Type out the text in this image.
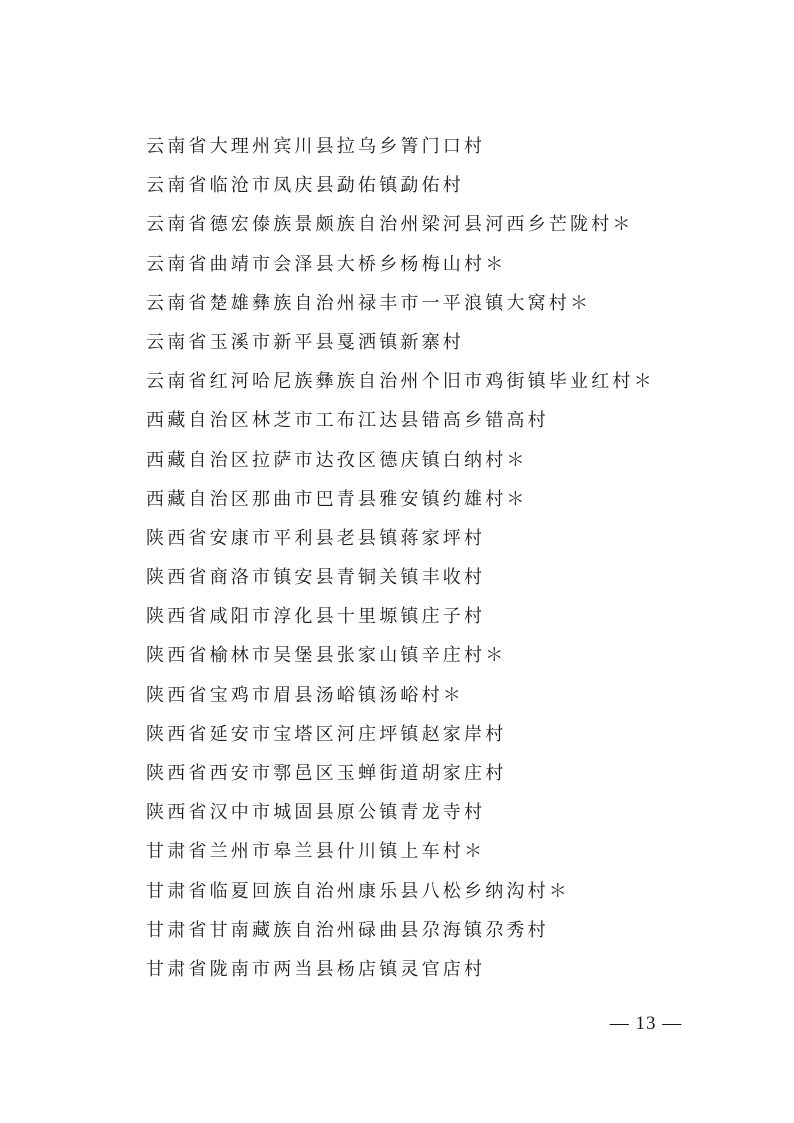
云南省大理州宾川县拉乌乡箐门口村
云南省临沧市凤庆县勐佑镇勐佑村
云南省德宏傣族景颇族自治州梁河县河西乡芒陇村＊
云南省曲靖市会泽县大桥乡杨梅山村＊
云南省楚雄彝族自治州禄丰市一平浪镇大窝村＊
云南省玉溪市新平县戛洒镇新寨村
云南省红河哈尼族彝族自治州个旧市鸡街镇毕业红村＊
西藏自治区林芝市工布江达县错高乡错高村
西藏自治区拉萨市达孜区德庆镇白纳村＊
西藏自治区那曲市巴青县雅安镇约雄村＊
陕西省安康市平利县老县镇蒋家坪村
陕西省商洛市镇安县青铜关镇丰收村
陕西省咸阳市淳化县十里塬镇庄子村
陕西省榆林市吴堡县张家山镇辛庄村＊
陕西省宝鸡市眉县汤峪镇汤峪村＊
陕西省延安市宝塔区河庄坪镇赵家岸村
陕西省西安市鄠邑区玉蝉街道胡家庄村
陕西省汉中市城固县原公镇青龙寺村
甘肃省兰州市皋兰县什川镇上车村＊
甘肃省临夏回族自治州康乐县八松乡纳沟村＊
甘肃省甘南藏族自治州碌曲县尕海镇尕秀村
甘肃省陇南市两当县杨店镇灵官店村
— 13 —
